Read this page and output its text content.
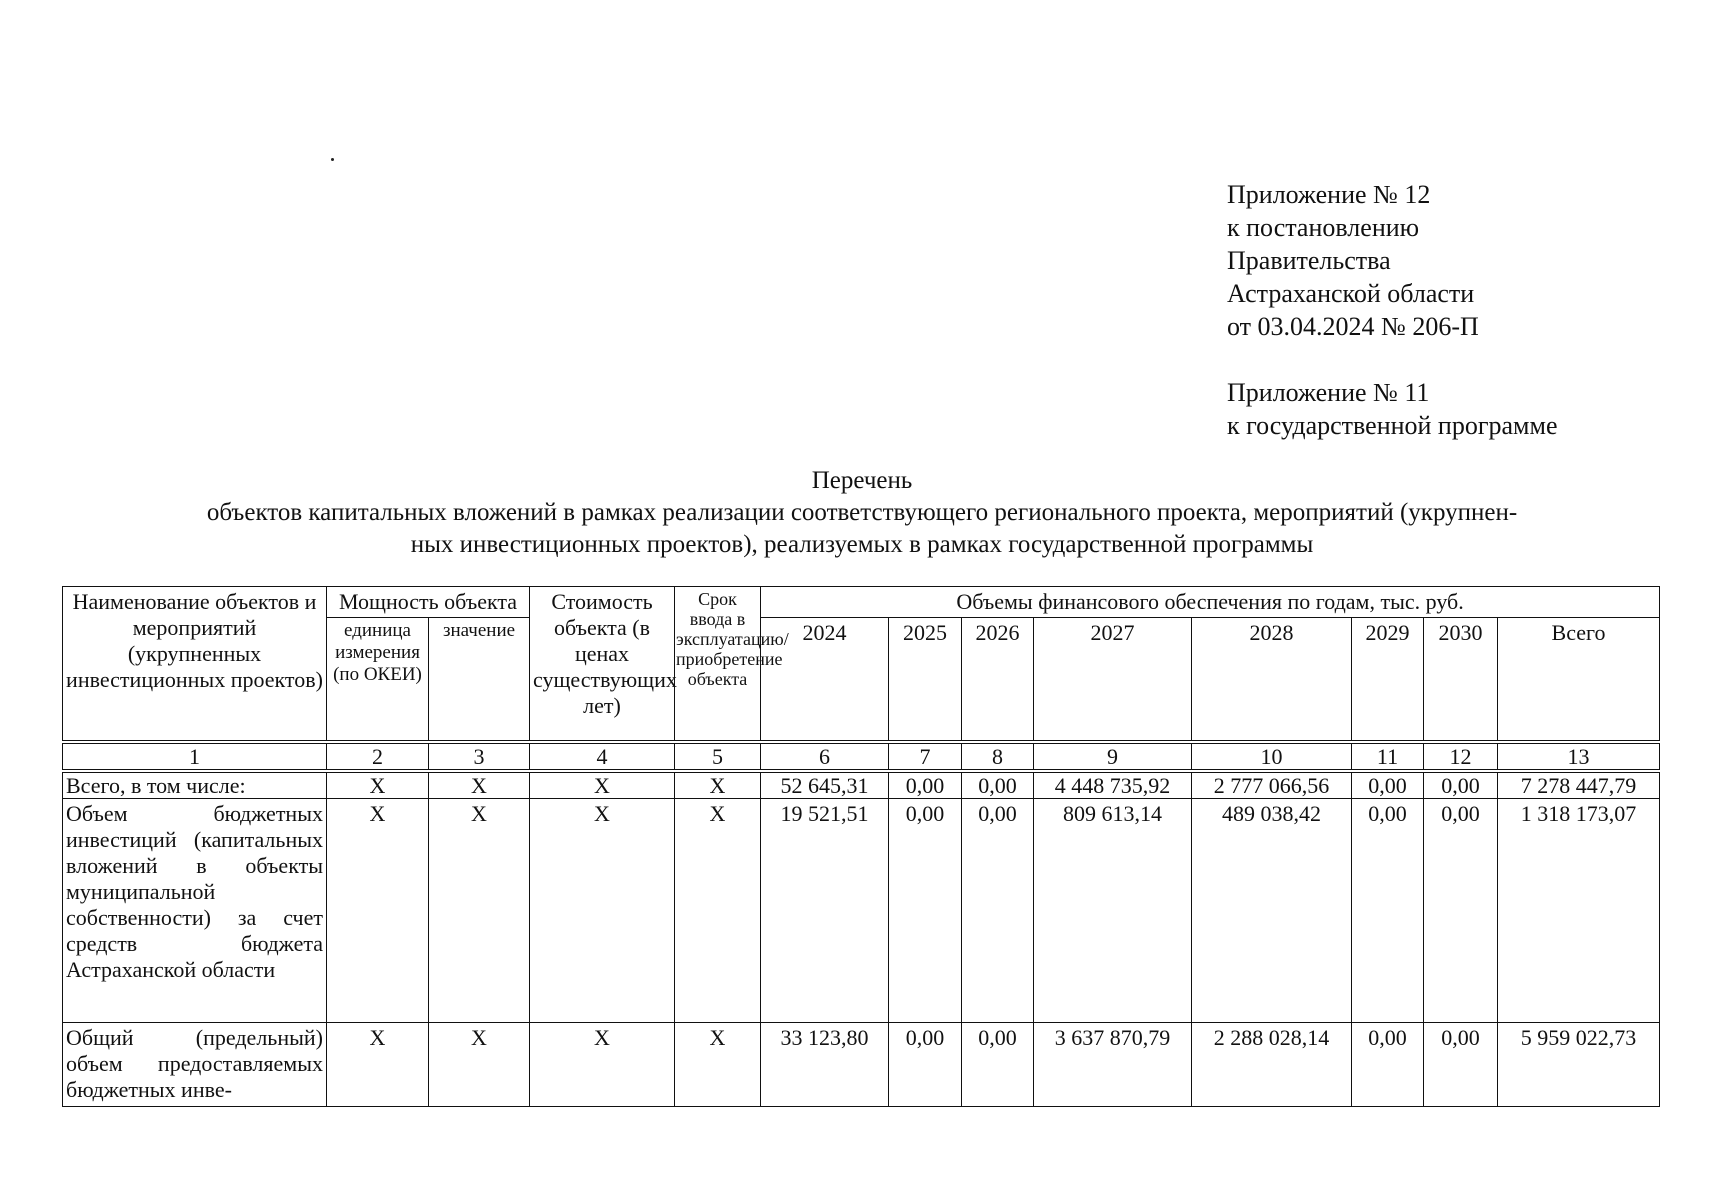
Приложение № 12
к постановлению
Правительства
Астраханской области
от 03.04.2024 № 206-П
Приложение № 11
к государственной программе
Перечень
объектов капитальных вложений в рамках реализации соответствующего регионального проекта, мероприятий (укрупнен-
ных инвестиционных проектов), реализуемых в рамках государственной программы
Наименование объектов и мероприятий (укрупненных инвестиционных проектов)	Мощность объекта		Стоимость объекта (в ценах существующих лет)	Срок ввода в эксплуатацию/ приобретение объекта	Объемы финансового обеспечения по годам, тыс. руб.							
	единица измерения (по ОКЕИ)	значение			2024	2025	2026	2027	2028	2029	2030	Всего
1	2	3	4	5	6	7	8	9	10	11	12	13
Всего, в том числе:	X	X	X	X	52 645,31	0,00	0,00	4 448 735,92	2 777 066,56	0,00	0,00	7 278 447,79
Объем бюджетных инвестиций (капитальных вложений в объекты муниципальной собственности) за счет средств бюджета Астраханской области	X	X	X	X	19 521,51	0,00	0,00	809 613,14	489 038,42	0,00	0,00	1 318 173,07
Общий (предельный) объем предоставляемых бюджетных инве-	X	X	X	X	33 123,80	0,00	0,00	3 637 870,79	2 288 028,14	0,00	0,00	5 959 022,73
